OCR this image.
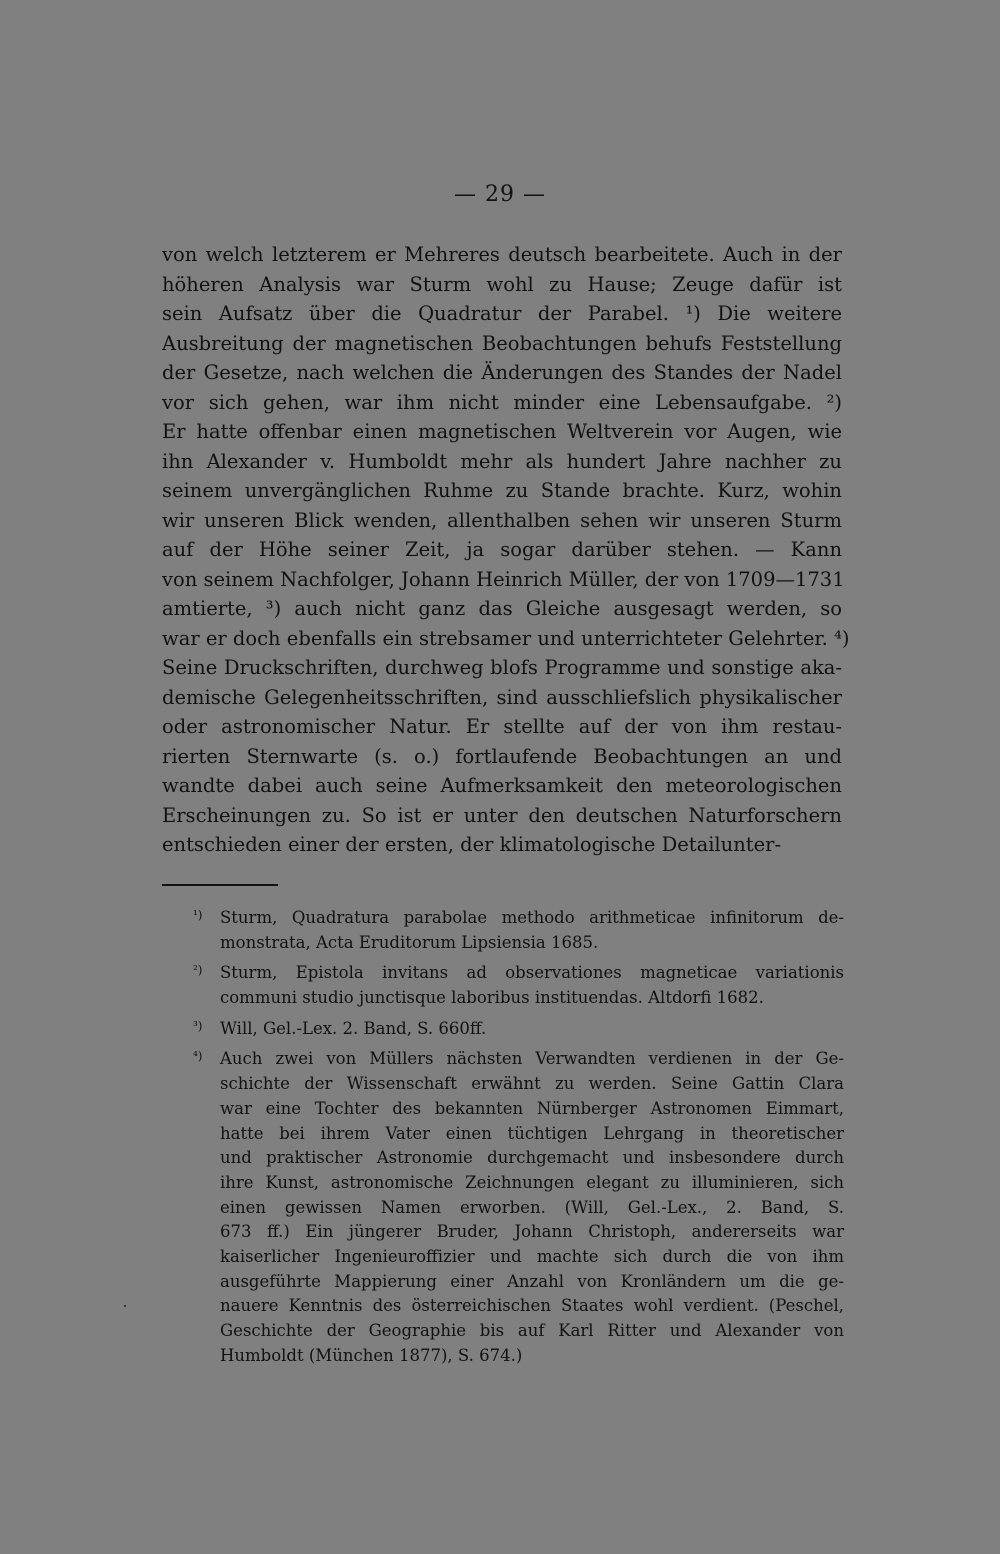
— 29 —
von welch letzterem er Mehreres deutsch bearbeitete. Auch in der
höheren Analysis war Sturm wohl zu Hause; Zeuge dafür ist
sein Aufsatz über die Quadratur der Parabel. ¹) Die weitere
Ausbreitung der magnetischen Beobachtungen behufs Feststellung
der Gesetze, nach welchen die Änderungen des Standes der Nadel
vor sich gehen, war ihm nicht minder eine Lebensaufgabe. ²)
Er hatte offenbar einen magnetischen Weltverein vor Augen, wie
ihn Alexander v. Humboldt mehr als hundert Jahre nachher zu
seinem unvergänglichen Ruhme zu Stande brachte. Kurz, wohin
wir unseren Blick wenden, allenthalben sehen wir unseren Sturm
auf der Höhe seiner Zeit, ja sogar darüber stehen. — Kann
von seinem Nachfolger, Johann Heinrich Müller, der von 1709—1731
amtierte, ³) auch nicht ganz das Gleiche ausgesagt werden, so
war er doch ebenfalls ein strebsamer und unterrichteter Gelehrter. ⁴)
Seine Druckschriften, durchweg blofs Programme und sonstige aka-
demische Gelegenheitsschriften, sind ausschliefslich physikalischer
oder astronomischer Natur. Er stellte auf der von ihm restau-
rierten Sternwarte (s. o.) fortlaufende Beobachtungen an und
wandte dabei auch seine Aufmerksamkeit den meteorologischen
Erscheinungen zu. So ist er unter den deutschen Naturforschern
entschieden einer der ersten, der klimatologische Detailunter-
¹) Sturm, Quadratura parabolae methodo arithmeticae infinitorum de-
monstrata, Acta Eruditorum Lipsiensia 1685.
²) Sturm, Epistola invitans ad observationes magneticae variationis
communi studio junctisque laboribus instituendas. Altdorfi 1682.
³) Will, Gel.-Lex. 2. Band, S. 660ff.
⁴) Auch zwei von Müllers nächsten Verwandten verdienen in der Ge-
schichte der Wissenschaft erwähnt zu werden. Seine Gattin Clara
war eine Tochter des bekannten Nürnberger Astronomen Eimmart,
hatte bei ihrem Vater einen tüchtigen Lehrgang in theoretischer
und praktischer Astronomie durchgemacht und insbesondere durch
ihre Kunst, astronomische Zeichnungen elegant zu illuminieren, sich
einen gewissen Namen erworben. (Will, Gel.-Lex., 2. Band, S.
673 ff.) Ein jüngerer Bruder, Johann Christoph, andererseits war
kaiserlicher Ingenieuroffizier und machte sich durch die von ihm
ausgeführte Mappierung einer Anzahl von Kronländern um die ge-
nauere Kenntnis des österreichischen Staates wohl verdient. (Peschel,
Geschichte der Geographie bis auf Karl Ritter und Alexander von
Humboldt (München 1877), S. 674.)
